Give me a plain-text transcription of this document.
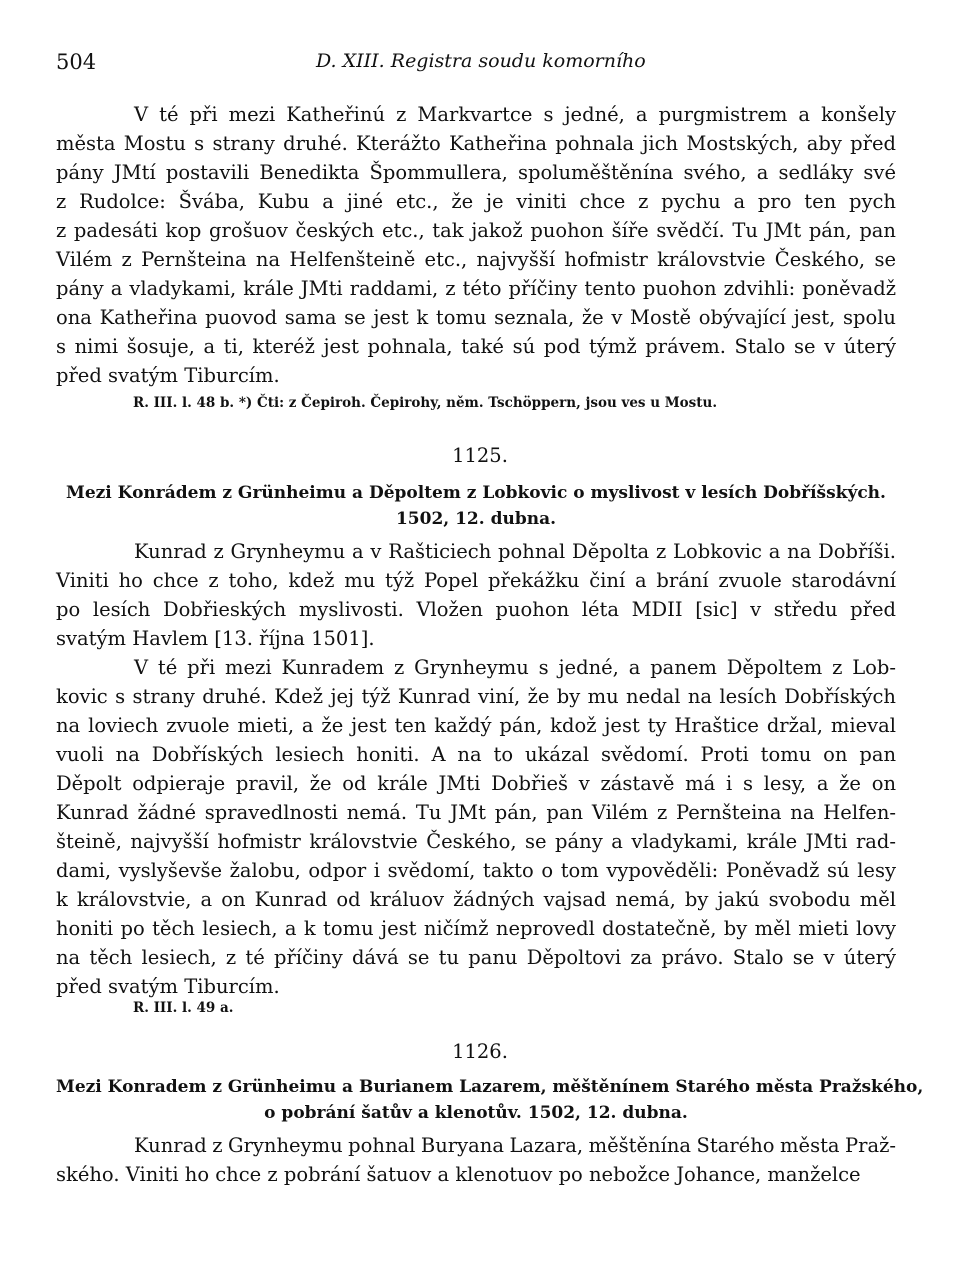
504	D. XIII. Registra soudu komorního

V té při mezi Katheřinú z Markvartce s jedné, a purgmistrem a konšely
města Mostu s strany druhé. Kterážto Katheřina pohnala jich Mostských, aby před
pány JMtí postavili Benedikta Špommullera, spoluměštěnína svého, a sedláky své
z Rudolce: Švába, Kubu a jiné etc., že je viniti chce z pychu a pro ten pych
z padesáti kop grošuov českých etc., tak jakož puohon šíře svědčí. Tu JMt pán, pan
Vilém z Pernšteina na Helfenšteině etc., najvyšší hofmistr královstvie Českého, se
pány a vladykami, krále JMti raddami, z této příčiny tento puohon zdvihli: poněvadž
ona Katheřina puovod sama se jest k tomu seznala, že v Mostě obývající jest, spolu
s nimi šosuje, a ti, kteréž jest pohnala, také sú pod týmž právem. Stalo se v úterý
před svatým Tiburcím.

R. III. l. 48 b. *) Čti: z Čepiroh. Čepirohy, něm. Tschöppern, jsou ves u Mostu.

1125.

Mezi Konrádem z Grünheimu a Děpoltem z Lobkovic o myslivost v lesích Dobříšských.
1502, 12. dubna.

Kunrad z Grynheymu a v Rašticiech pohnal Děpolta z Lobkovic a na Dobříši.
Viniti ho chce z toho, kdež mu týž Popel překážku činí a brání zvuole starodávní
po lesích Dobřieských myslivosti. Vložen puohon léta MDII [sic] v středu před
svatým Havlem [13. října 1501].

V té při mezi Kunradem z Grynheymu s jedné, a panem Děpoltem z Lob-
kovic s strany druhé. Kdež jej týž Kunrad viní, že by mu nedal na lesích Dobříských
na loviech zvuole mieti, a že jest ten každý pán, kdož jest ty Hraštice držal, mieval
vuoli na Dobříských lesiech honiti. A na to ukázal svědomí. Proti tomu on pan
Děpolt odpieraje pravil, že od krále JMti Dobřieš v zástavě má i s lesy, a že on
Kunrad žádné spravedlnosti nemá. Tu JMt pán, pan Vilém z Pernšteina na Helfen-
šteině, najvyšší hofmistr královstvie Českého, se pány a vladykami, krále JMti rad-
dami, vyslyševše žalobu, odpor i svědomí, takto o tom vypověděli: Poněvadž sú lesy
k královstvie, a on Kunrad od králuov žádných vajsad nemá, by jakú svobodu měl
honiti po těch lesiech, a k tomu jest ničímž neprovedl dostatečně, by měl mieti lovy
na těch lesiech, z té příčiny dává se tu panu Děpoltovi za právo. Stalo se v úterý
před svatým Tiburcím.

R. III. l. 49 a.

1126.

Mezi Konradem z Grünheimu a Burianem Lazarem, měštěnínem Starého města Pražského,
o pobrání šatův a klenotův. 1502, 12. dubna.

Kunrad z Grynheymu pohnal Buryana Lazara, měštěnína Starého města Praž-
ského. Viniti ho chce z pobrání šatuov a klenotuov po nebožce Johance, manželce
